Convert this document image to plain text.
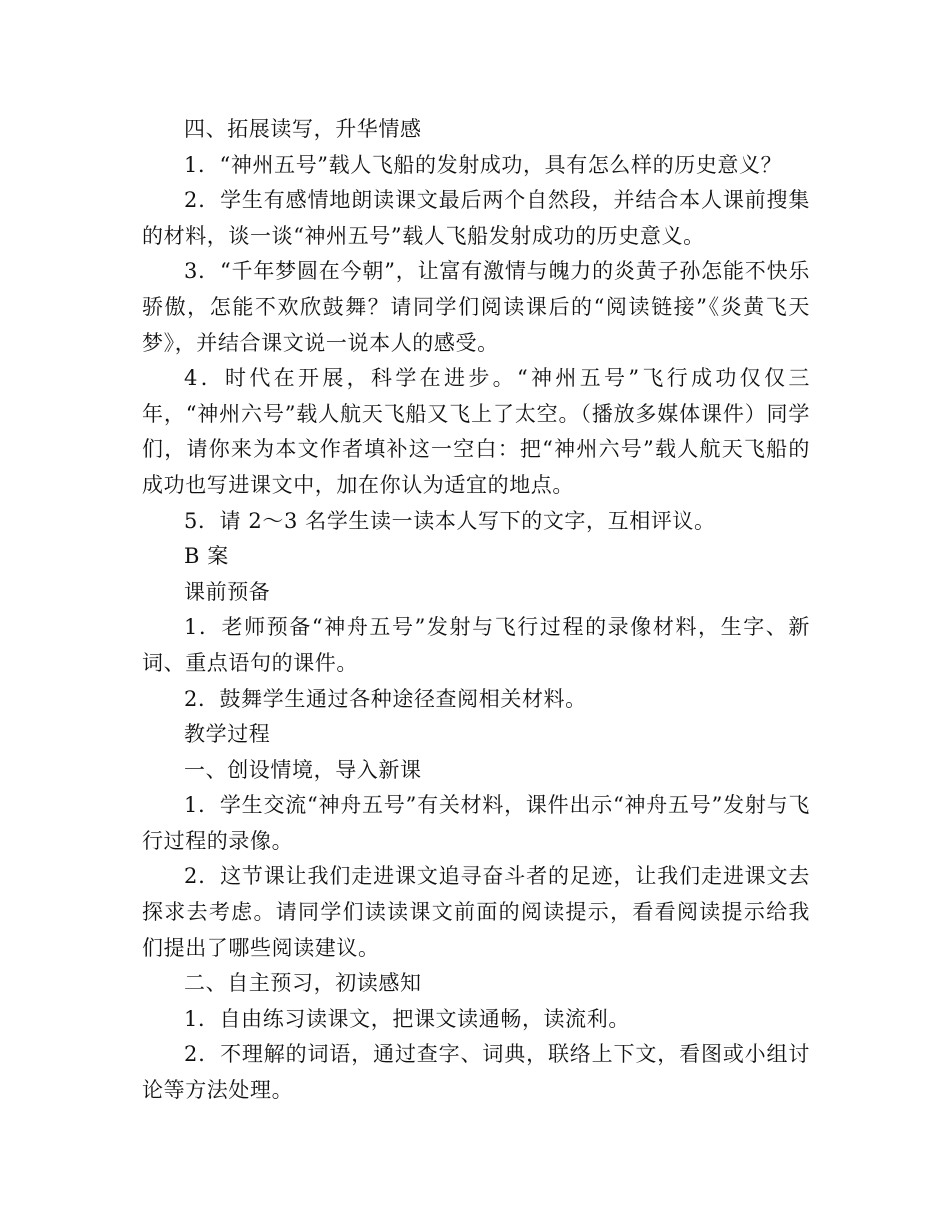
四、拓展读写，升华情感

1．“神州五号”载人飞船的发射成功，具有怎么样的历史意义？

2．学生有感情地朗读课文最后两个自然段，并结合本人课前搜集的材料，谈一谈“神州五号”载人飞船发射成功的历史意义。

3．“千年梦圆在今朝”，让富有激情与魄力的炎黄子孙怎能不快乐骄傲，怎能不欢欣鼓舞？请同学们阅读课后的“阅读链接”《炎黄飞天梦》，并结合课文说一说本人的感受。

4．时代在开展，科学在进步。“神州五号”飞行成功仅仅三年，“神州六号”载人航天飞船又飞上了太空。（播放多媒体课件）同学们，请你来为本文作者填补这一空白：把“神州六号”载人航天飞船的成功也写进课文中，加在你认为适宜的地点。

5．请 2～3 名学生读一读本人写下的文字，互相评议。

B 案

课前预备

1．老师预备“神舟五号”发射与飞行过程的录像材料，生字、新词、重点语句的课件。

2．鼓舞学生通过各种途径查阅相关材料。

教学过程

一、创设情境，导入新课

1．学生交流“神舟五号”有关材料，课件出示“神舟五号”发射与飞行过程的录像。

2．这节课让我们走进课文追寻奋斗者的足迹，让我们走进课文去探求去考虑。请同学们读读课文前面的阅读提示，看看阅读提示给我们提出了哪些阅读建议。

二、自主预习，初读感知

1．自由练习读课文，把课文读通畅，读流利。

2．不理解的词语，通过查字、词典，联络上下文，看图或小组讨论等方法处理。
